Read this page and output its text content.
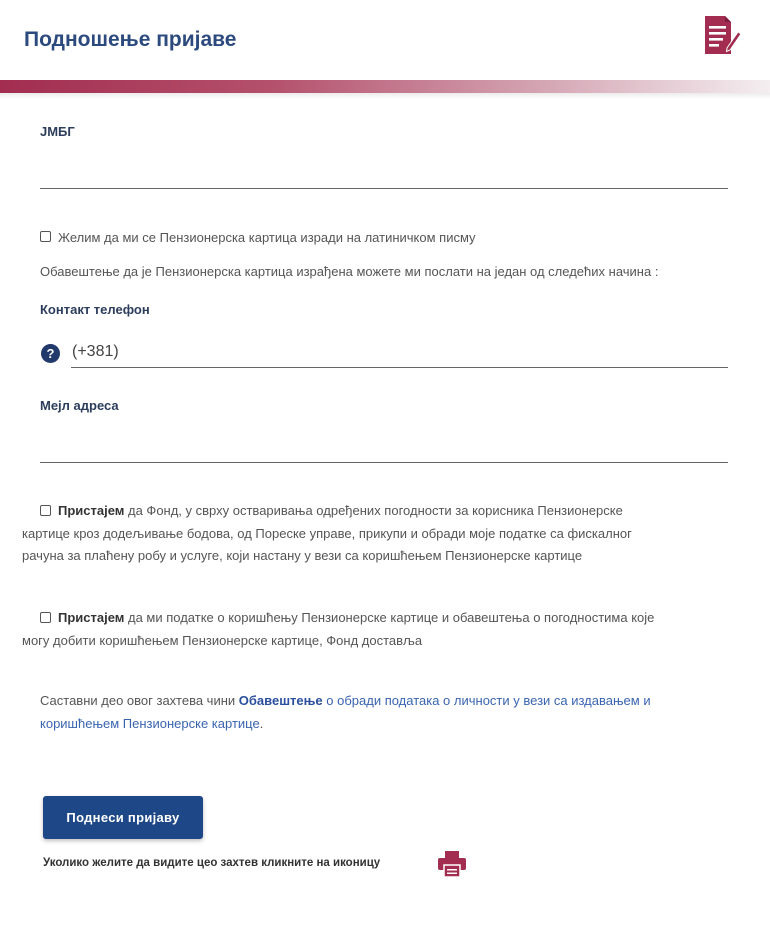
Подношење пријаве
ЈМБГ
Желим да ми се Пензионерска картица изради на латиничком писму
Обавештење да је Пензионерска картица израђена можете ми послати на један од следећих начина :
Контакт телефон
?	(+381)
Мејл адреса
Пристајем да Фонд, у сврху остваривања одређених погодности за корисника Пензионерске
картице кроз додељивање бодова, од Пореске управе, прикупи и обради моје податке са фискалног
рачуна за плаћену робу и услуге, који настану у вези са коришћењем Пензионерске картице
Пристајем да ми податке о коришћењу Пензионерске картице и обавештења о погодностима које
могу добити коришћењем Пензионерске картице, Фонд доставља
Саставни део овог захтева чини Обавештење о обради података о личности у вези са издавањем и
коришћењем Пензионерске картице.
Поднеси пријаву
Уколико желите да видите цео захтев кликните на иконицу
